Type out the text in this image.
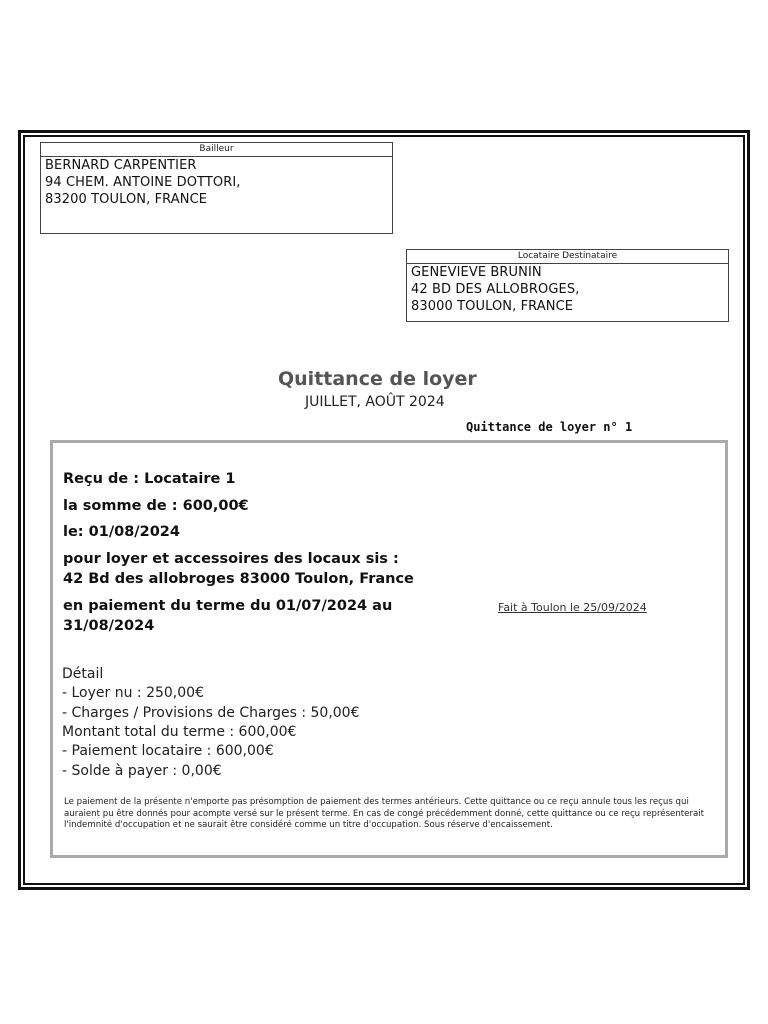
Bailleur
BERNARD CARPENTIER
94 CHEM. ANTOINE DOTTORI,
83200 TOULON, FRANCE
Locataire Destinataire
GENEVIEVE BRUNIN
42 BD DES ALLOBROGES,
83000 TOULON, FRANCE
Quittance de loyer
JUILLET, AOÛT 2024
Quittance de loyer n° 1
Reçu de : Locataire 1
la somme de : 600,00€
le: 01/08/2024
pour loyer et accessoires des locaux sis :
42 Bd des allobroges 83000 Toulon, France
en paiement du terme du 01/07/2024 au
31/08/2024
Fait à Toulon le 25/09/2024
Détail
- Loyer nu : 250,00€
- Charges / Provisions de Charges : 50,00€
Montant total du terme : 600,00€
- Paiement locataire : 600,00€
- Solde à payer : 0,00€
Le paiement de la présente n'emporte pas présomption de paiement des termes antérieurs. Cette quittance ou ce reçu annule tous les reçus qui auraient pu être donnés pour acompte versé sur le présent terme. En cas de congé précédemment donné, cette quittance ou ce reçu représenterait l'indemnité d'occupation et ne saurait être considéré comme un titre d'occupation. Sous réserve d'encaissement.
